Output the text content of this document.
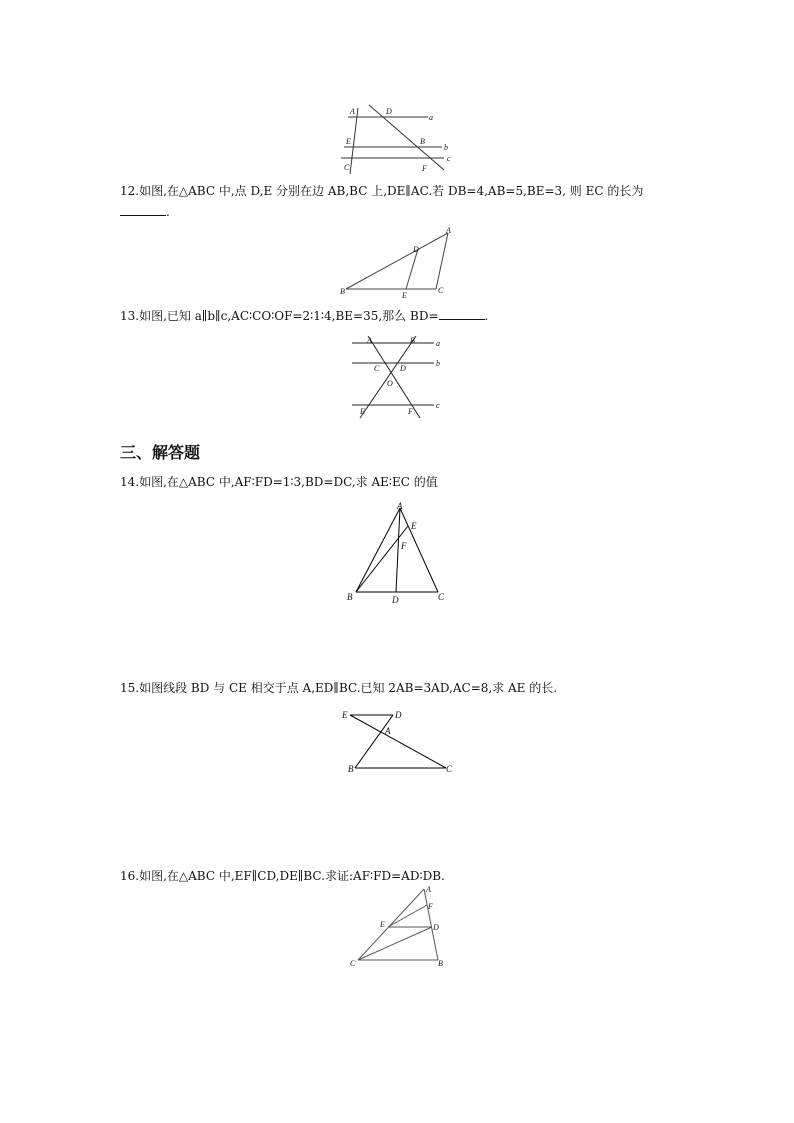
A	D
a
E	B
b
C	F
c
12.如图,在△ABC 中,点 D,E 分别在边 AB,BC 上,DE∥AC.若 DB=4,AB=5,BE=3, 则 EC 的长为
.
A
D
B	E
C
13.如图,已知 a∥b∥c,AC∶CO∶OF=2∶1∶4,BE=35,那么 BD=	.
A	B	a
C	D
b
O
E	F
c
三、解答题
14.如图,在△ABC 中,AF∶FD=1∶3,BD=DC,求 AE∶EC 的值
A
E
F
B	D	C
15.如图线段 BD 与 CE 相交于点 A,ED∥BC.已知 2AB=3AD,AC=8,求 AE 的长.
E	D
A
B	C
16.如图,在△ABC 中,EF∥CD,DE∥BC.求证:AF∶FD=AD∶DB.
A
F
E	D
C	B
